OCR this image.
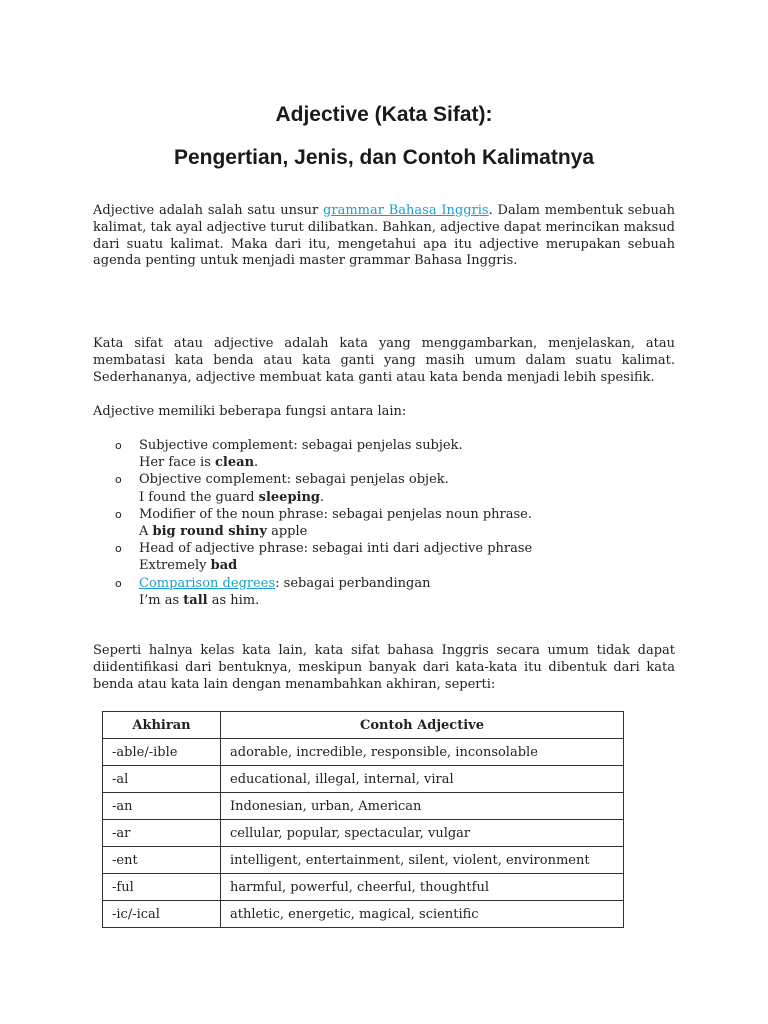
Adjective (Kata Sifat):
Pengertian, Jenis, dan Contoh Kalimatnya

Adjective adalah salah satu unsur grammar Bahasa Inggris. Dalam membentuk sebuah kalimat, tak ayal adjective turut dilibatkan. Bahkan, adjective dapat merincikan maksud dari suatu kalimat. Maka dari itu, mengetahui apa itu adjective merupakan sebuah agenda penting untuk menjadi master grammar Bahasa Inggris.

Kata sifat atau adjective adalah kata yang menggambarkan, menjelaskan, atau membatasi kata benda atau kata ganti yang masih umum dalam suatu kalimat. Sederhananya, adjective membuat kata ganti atau kata benda menjadi lebih spesifik.

Adjective memiliki beberapa fungsi antara lain:

o Subjective complement: sebagai penjelas subjek.
Her face is clean.
o Objective complement: sebagai penjelas objek.
I found the guard sleeping.
o Modifier of the noun phrase: sebagai penjelas noun phrase.
A big round shiny apple
o Head of adjective phrase: sebagai inti dari adjective phrase
Extremely bad
o Comparison degrees: sebagai perbandingan
I’m as tall as him.

Seperti halnya kelas kata lain, kata sifat bahasa Inggris secara umum tidak dapat diidentifikasi dari bentuknya, meskipun banyak dari kata-kata itu dibentuk dari kata benda atau kata lain dengan menambahkan akhiran, seperti:

Akhiran	Contoh Adjective
-able/-ible	adorable, incredible, responsible, inconsolable
-al	educational, illegal, internal, viral
-an	Indonesian, urban, American
-ar	cellular, popular, spectacular, vulgar
-ent	intelligent, entertainment, silent, violent, environment
-ful	harmful, powerful, cheerful, thoughtful
-ic/-ical	athletic, energetic, magical, scientific
